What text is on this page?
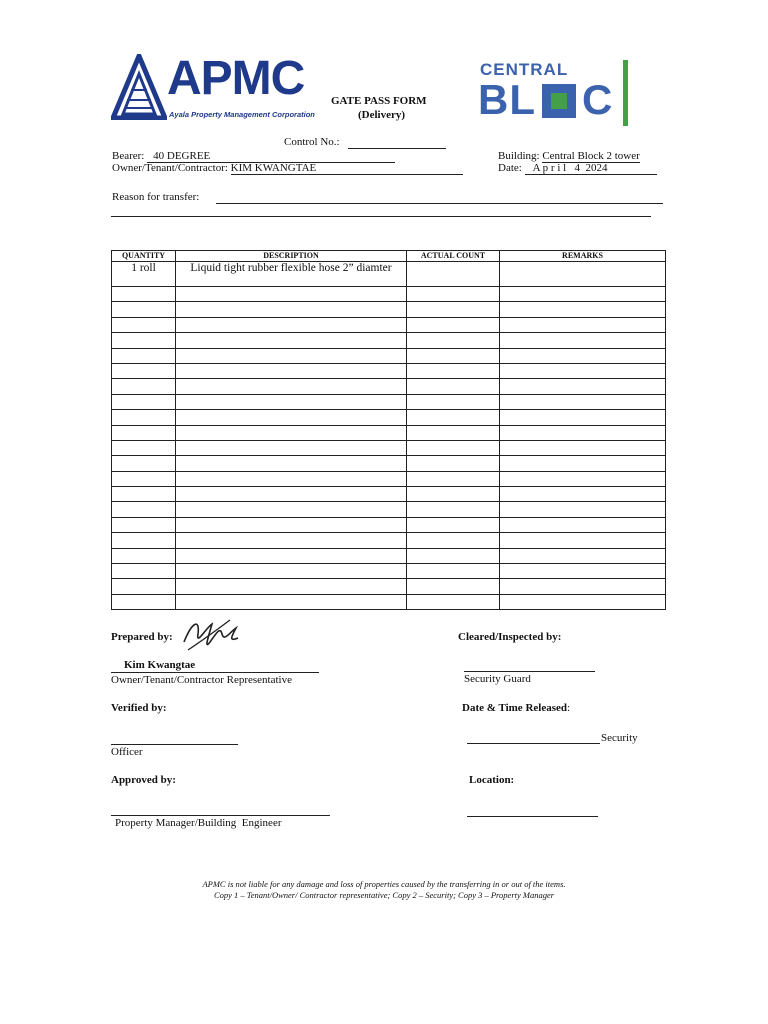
APMC
Ayala Property Management Corporation
GATE PASS FORM
(Delivery)
CENTRAL
BL C
Control No.:
Bearer: 40 DEGREE	Building: Central Block 2 tower
Owner/Tenant/Contractor: KIM KWANGTAE	Date: A p r i l   4  2024
Reason for transfer:
QUANTITY	DESCRIPTION	ACTUAL COUNT	REMARKS
1 roll	Liquid tight rubber flexible hose 2” diamter		

Prepared by:
Kim Kwangtae
Owner/Tenant/Contractor Representative
Cleared/Inspected by:
Security Guard
Verified by:
Officer
Date & Time Released:
Security
Approved by:
Property Manager/Building  Engineer
Location:
APMC is not liable for any damage and loss of properties caused by the transferring in or out of the items.
Copy 1 – Tenant/Owner/ Contractor representative; Copy 2 – Security; Copy 3 – Property Manager
